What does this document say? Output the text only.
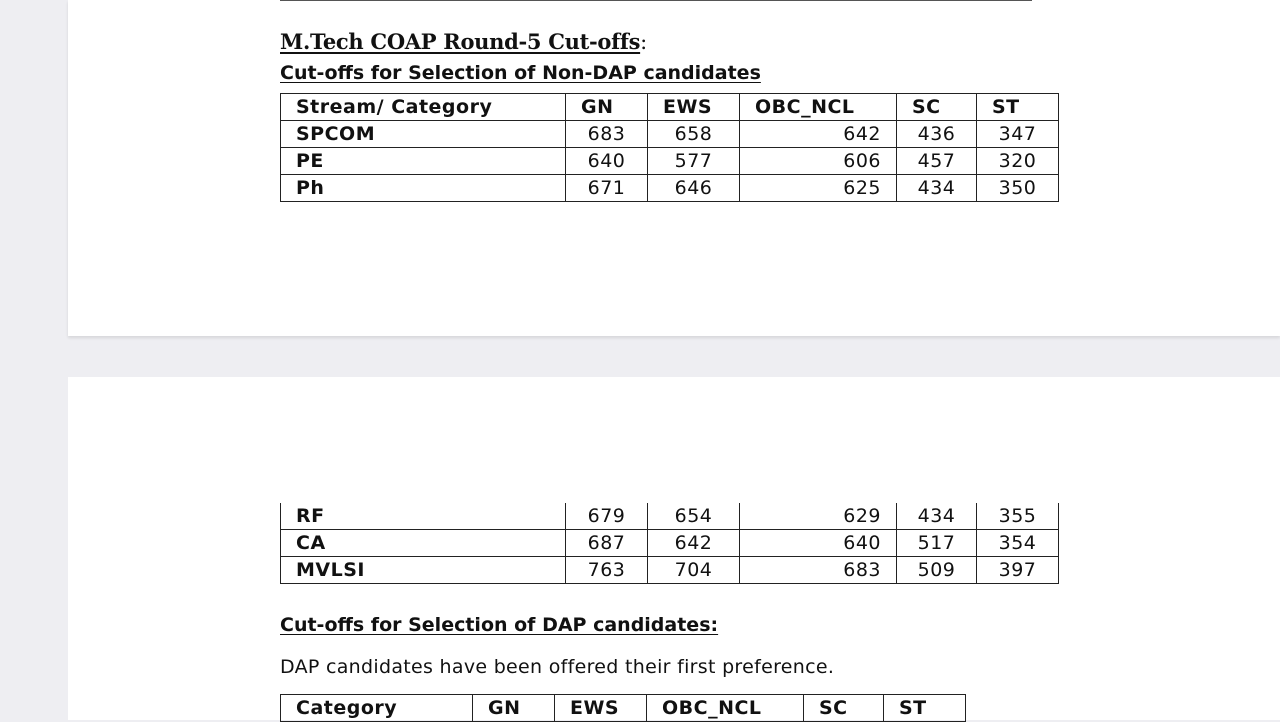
M.Tech COAP Round-5 Cut-offs:
Cut-offs for Selection of Non-DAP candidates
Stream/ Category	GN	EWS	OBC_NCL	SC	ST
SPCOM	683	658	642	436	347
PE	640	577	606	457	320
Ph	671	646	625	434	350
RF	679	654	629	434	355
CA	687	642	640	517	354
MVLSI	763	704	683	509	397
Cut-offs for Selection of DAP candidates:
DAP candidates have been offered their first preference.
Category	GN	EWS	OBC_NCL	SC	ST
